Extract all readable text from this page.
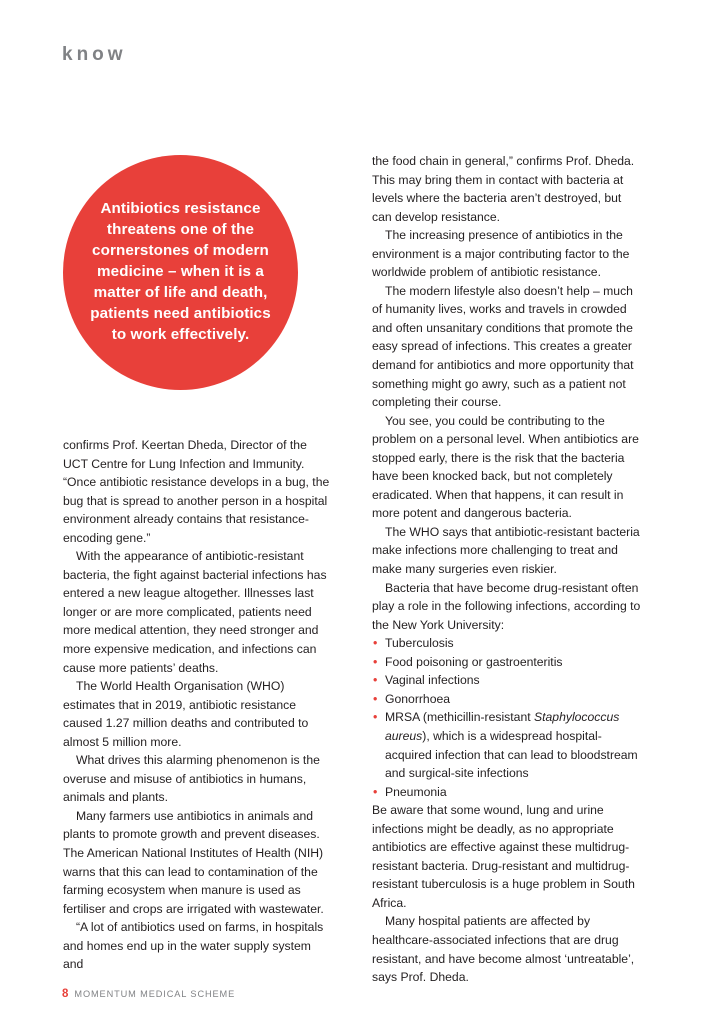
know

Antibiotics resistance threatens one of the cornerstones of modern medicine – when it is a matter of life and death, patients need antibiotics to work effectively.

confirms Prof. Keertan Dheda, Director of the UCT Centre for Lung Infection and Immunity. “Once antibiotic resistance develops in a bug, the bug that is spread to another person in a hospital environment already contains that resistance-encoding gene.”

With the appearance of antibiotic-resistant bacteria, the fight against bacterial infections has entered a new league altogether. Illnesses last longer or are more complicated, patients need more medical attention, they need stronger and more expensive medication, and infections can cause more patients’ deaths.

The World Health Organisation (WHO) estimates that in 2019, antibiotic resistance caused 1.27 million deaths and contributed to almost 5 million more.

What drives this alarming phenomenon is the overuse and misuse of antibiotics in humans, animals and plants.

Many farmers use antibiotics in animals and plants to promote growth and prevent diseases. The American National Institutes of Health (NIH) warns that this can lead to contamination of the farming ecosystem when manure is used as fertiliser and crops are irrigated with wastewater.

“A lot of antibiotics used on farms, in hospitals and homes end up in the water supply system and

the food chain in general,” confirms Prof. Dheda. This may bring them in contact with bacteria at levels where the bacteria aren’t destroyed, but can develop resistance.

The increasing presence of antibiotics in the environment is a major contributing factor to the worldwide problem of antibiotic resistance.

The modern lifestyle also doesn’t help – much of humanity lives, works and travels in crowded and often unsanitary conditions that promote the easy spread of infections. This creates a greater demand for antibiotics and more opportunity that something might go awry, such as a patient not completing their course.

You see, you could be contributing to the problem on a personal level. When antibiotics are stopped early, there is the risk that the bacteria have been knocked back, but not completely eradicated. When that happens, it can result in more potent and dangerous bacteria.

The WHO says that antibiotic-resistant bacteria make infections more challenging to treat and make many surgeries even riskier.

Bacteria that have become drug-resistant often play a role in the following infections, according to the New York University:

• Tuberculosis
• Food poisoning or gastroenteritis
• Vaginal infections
• Gonorrhoea
• MRSA (methicillin-resistant Staphylococcus aureus), which is a widespread hospital-acquired infection that can lead to bloodstream and surgical-site infections
• Pneumonia

Be aware that some wound, lung and urine infections might be deadly, as no appropriate antibiotics are effective against these multidrug-resistant bacteria. Drug-resistant and multidrug-resistant tuberculosis is a huge problem in South Africa.

Many hospital patients are affected by healthcare-associated infections that are drug resistant, and have become almost ‘untreatable’, says Prof. Dheda.

8 MOMENTUM MEDICAL SCHEME
